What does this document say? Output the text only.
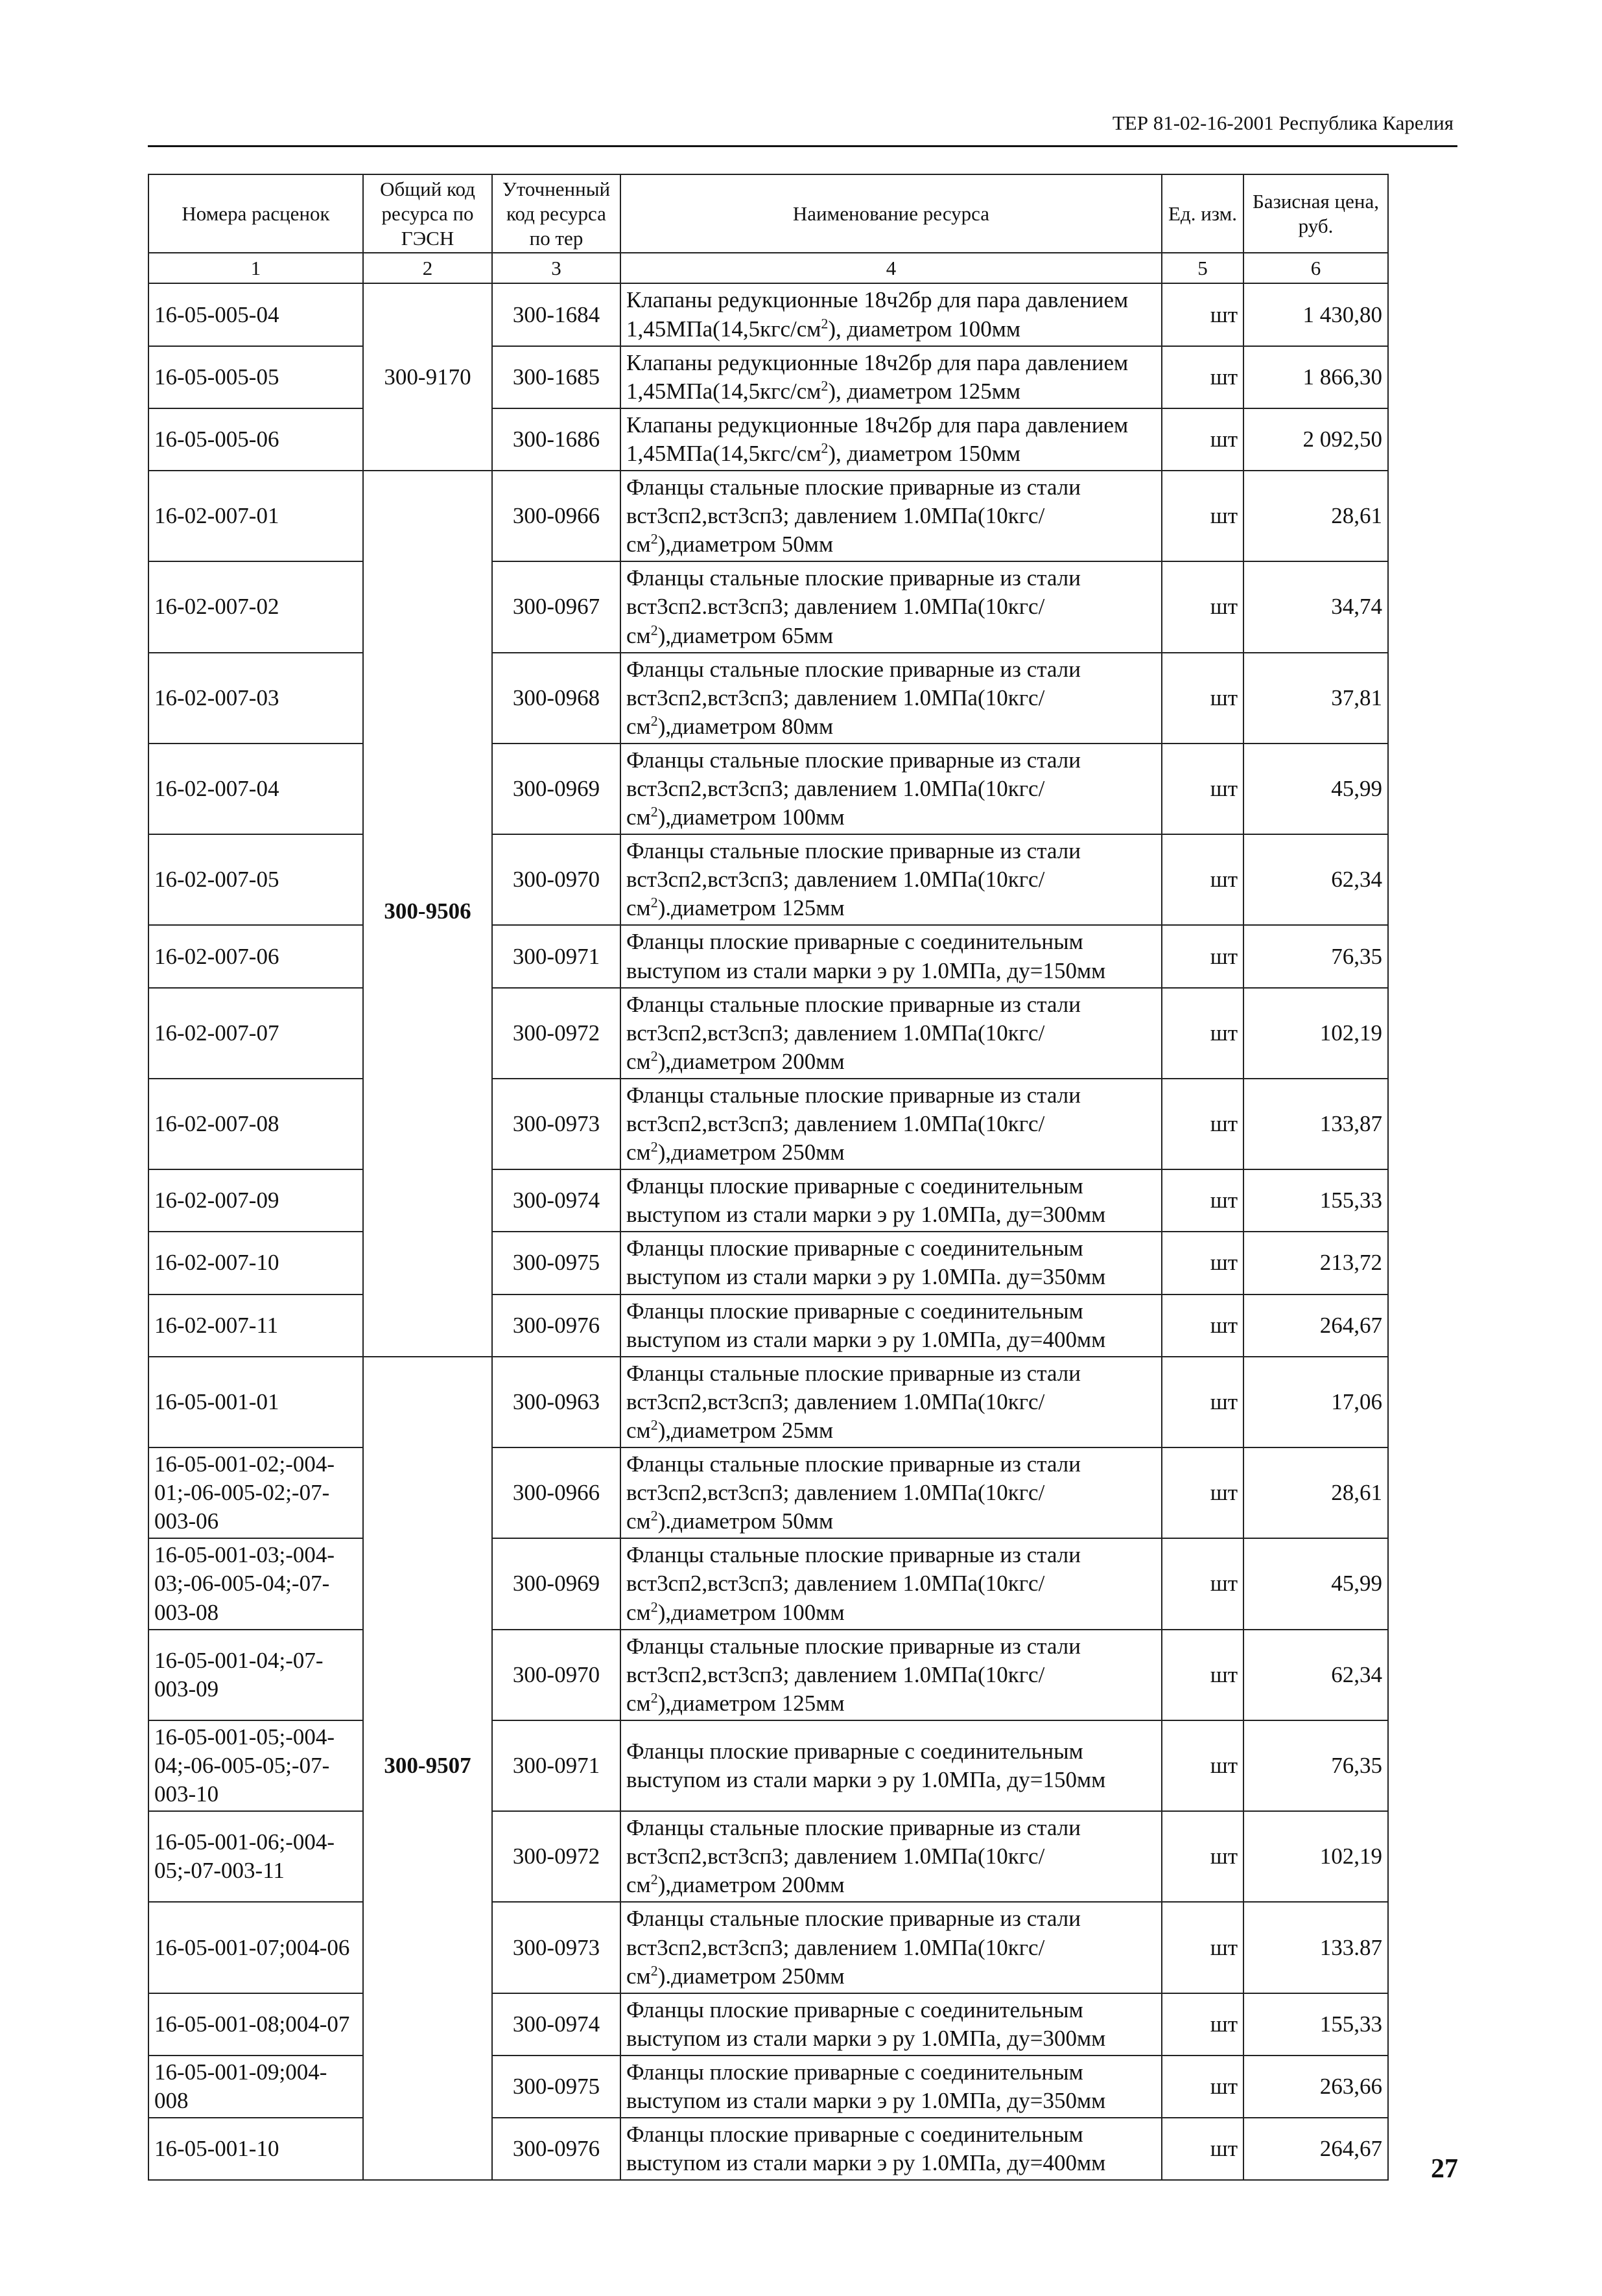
ТЕР 81-02-16-2001 Республика Карелия
Номера расценок	Общий код ресурса по ГЭСН	Уточненный код ресурса по тер	Наименование ресурса	Ед. изм.	Базисная цена, руб.
1	2	3	4	5	6
16-05-005-04	300-9170	300-1684	Клапаны редукционные 18ч2бр для пара давлением $1,45МПа(14,5кгс/см^2)$, диаметром 100мм	шт	1 430,80
16-05-005-05		300-1685	Клапаны редукционные 18ч2бр для пара давлением $1,45МПа(14,5кгс/см^2)$, диаметром 125мм	шт	1 866,30
16-05-005-06		300-1686	Клапаны редукционные 18ч2бр для пара давлением $1,45МПа(14,5кгс/см^2)$, диаметром 150мм	шт	2 092,50
16-02-007-01	300-9506	300-0966	Фланцы стальные плоские приварные из стали вст3сп2,вст3сп3; давлением $1.0МПа(10кгс/см^2),диаметром$ 50мм	шт	28,61
16-02-007-02		300-0967	Фланцы стальные плоские приварные из стали вст3сп2.вст3сп3; давлением $1.0МПа(10кгс/см^2),диаметром$ 65мм	шт	34,74
16-02-007-03		300-0968	Фланцы стальные плоские приварные из стали вст3сп2,вст3сп3; давлением $1.0МПа(10кгс/см^2),диаметром$ 80мм	шт	37,81
16-02-007-04		300-0969	Фланцы стальные плоские приварные из стали вст3сп2,вст3сп3; давлением $1.0МПа(10кгс/см^2),диаметром$ 100мм	шт	45,99
16-02-007-05		300-0970	Фланцы стальные плоские приварные из стали вст3сп2,вст3сп3; давлением $1.0МПа(10кгс/см^2).диаметром$ 125мм	шт	62,34
16-02-007-06		300-0971	Фланцы плоские приварные с соединительным выступом из стали марки э ру 1.0МПа, ду=150мм	шт	76,35
16-02-007-07		300-0972	Фланцы стальные плоские приварные из стали вст3сп2,вст3сп3; давлением $1.0МПа(10кгс/см^2),диаметром$ 200мм	шт	102,19
16-02-007-08		300-0973	Фланцы стальные плоские приварные из стали вст3сп2,вст3сп3; давлением $1.0МПа(10кгс/см^2),диаметром$ 250мм	шт	133,87
16-02-007-09		300-0974	Фланцы плоские приварные с соединительным выступом из стали марки э ру 1.0МПа, ду=300мм	шт	155,33
16-02-007-10		300-0975	Фланцы плоские приварные с соединительным выступом из стали марки э ру 1.0МПа. ду=350мм	шт	213,72
16-02-007-11		300-0976	Фланцы плоские приварные с соединительным выступом из стали марки э ру 1.0МПа, ду=400мм	шт	264,67
16-05-001-01	300-9507	300-0963	Фланцы стальные плоские приварные из стали вст3сп2,вст3сп3; давлением $1.0МПа(10кгс/см^2),диаметром$ 25мм	шт	17,06
16-05-001-02;-004-01;-06-005-02;-07-003-06		300-0966	Фланцы стальные плоские приварные из стали вст3сп2,вст3сп3; давлением $1.0МПа(10кгс/см^2).диаметром$ 50мм	шт	28,61
16-05-001-03;-004-03;-06-005-04;-07-003-08		300-0969	Фланцы стальные плоские приварные из стали вст3сп2,вст3сп3; давлением $1.0МПа(10кгс/см^2),диаметром$ 100мм	шт	45,99
16-05-001-04;-07-003-09		300-0970	Фланцы стальные плоские приварные из стали вст3сп2,вст3сп3; давлением $1.0МПа(10кгс/см^2),диаметром$ 125мм	шт	62,34
16-05-001-05;-004-04;-06-005-05;-07-003-10		300-0971	Фланцы плоские приварные с соединительным выступом из стали марки э ру 1.0МПа, ду=150мм	шт	76,35
16-05-001-06;-004-05;-07-003-11		300-0972	Фланцы стальные плоские приварные из стали вст3сп2,вст3сп3; давлением $1.0МПа(10кгс/см^2),диаметром$ 200мм	шт	102,19
16-05-001-07;004-06		300-0973	Фланцы стальные плоские приварные из стали вст3сп2,вст3сп3; давлением $1.0МПа(10кгс/см^2).диаметром$ 250мм	шт	133.87
16-05-001-08;004-07		300-0974	Фланцы плоские приварные с соединительным выступом из стали марки э ру 1.0МПа, ду=300мм	шт	155,33
16-05-001-09;004-008		300-0975	Фланцы плоские приварные с соединительным выступом из стали марки э ру 1.0МПа, ду=350мм	шт	263,66
16-05-001-10		300-0976	Фланцы плоские приварные с соединительным выступом из стали марки э ру 1.0МПа, ду=400мм	шт	264,67
27
